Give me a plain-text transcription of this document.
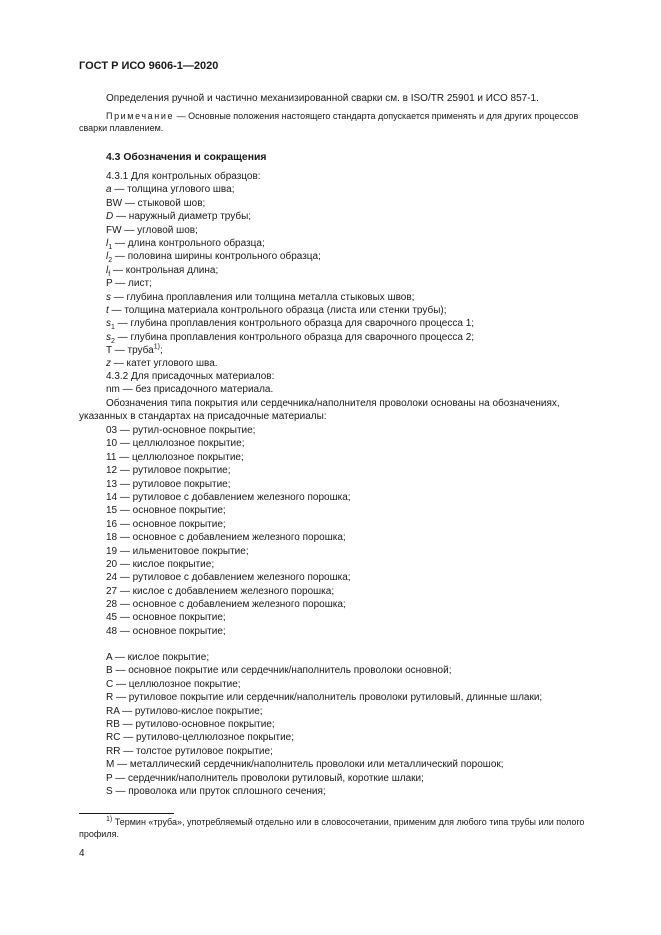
ГОСТ Р ИСО 9606-1—2020
Определения ручной и частично механизированной сварки см. в ISO/TR 25901 и ИСО 857-1.
Примечание — Основные положения настоящего стандарта допускается применять и для других процессов сварки плавлением.
4.3 Обозначения и сокращения
4.3.1 Для контрольных образцов:
a — толщина углового шва;
BW — стыковой шов;
D — наружный диаметр трубы;
FW — угловой шов;
$l_1$ — длина контрольного образца;
$l_2$ — половина ширины контрольного образца;
$l_f$ — контрольная длина;
P — лист;
s — глубина проплавления или толщина металла стыковых швов;
t — толщина материала контрольного образца (листа или стенки трубы);
$s_1$ — глубина проплавления контрольного образца для сварочного процесса 1;
$s_2$ — глубина проплавления контрольного образца для сварочного процесса 2;
T — труба$^{1)}$;
z — катет углового шва.
4.3.2 Для присадочных материалов:
nm — без присадочного материала.
Обозначения типа покрытия или сердечника/наполнителя проволоки основаны на обозначениях, указанных в стандартах на присадочные материалы:
03 — рутил-основное покрытие;
10 — целлюлозное покрытие;
11 — целлюлозное покрытие;
12 — рутиловое покрытие;
13 — рутиловое покрытие;
14 — рутиловое с добавлением железного порошка;
15 — основное покрытие;
16 — основное покрытие;
18 — основное с добавлением железного порошка;
19 — ильменитовое покрытие;
20 — кислое покрытие;
24 — рутиловое с добавлением железного порошка;
27 — кислое с добавлением железного порошка;
28 — основное с добавлением железного порошка;
45 — основное покрытие;
48 — основное покрытие;
A — кислое покрытие;
B — основное покрытие или сердечник/наполнитель проволоки основной;
C — целлюлозное покрытие;
R — рутиловое покрытие или сердечник/наполнитель проволоки рутиловый, длинные шлаки;
RA — рутилово-кислое покрытие;
RB — рутилово-основное покрытие;
RC — рутилово-целлюлозное покрытие;
RR — толстое рутиловое покрытие;
M — металлический сердечник/наполнитель проволоки или металлический порошок;
P — сердечник/наполнитель проволоки рутиловый, короткие шлаки;
S — проволока или пруток сплошного сечения;
$^{1)}$ Термин «труба», употребляемый отдельно или в словосочетании, применим для любого типа трубы или полого профиля.
4
